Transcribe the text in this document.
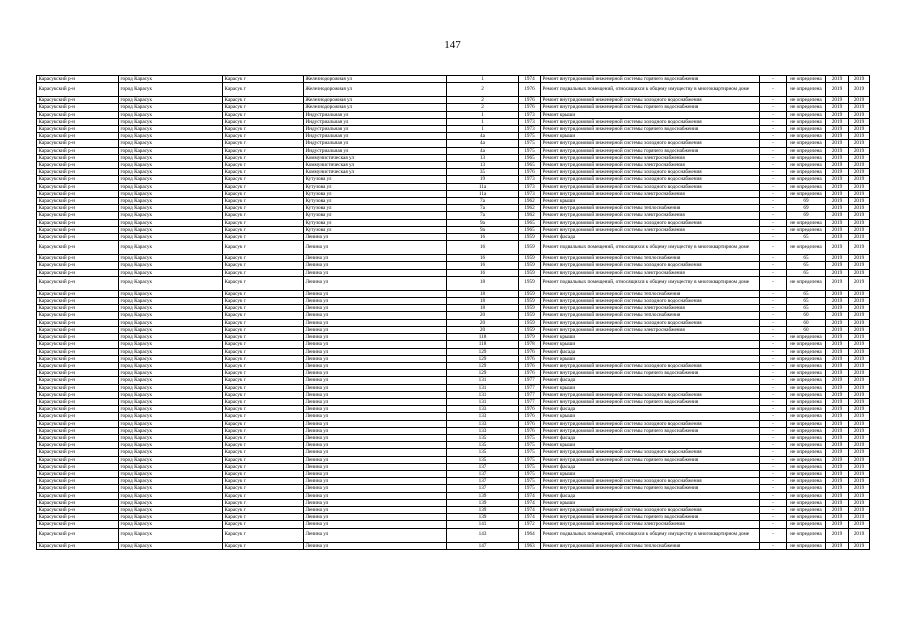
147
Карасукский р-н	город Карасук	Карасук г	Железнодорожная ул	1	1974	Ремонт внутридомовой инженерной системы горячего водоснабжения	-	не определена	2019	2019
Карасукский р-н	город Карасук	Карасук г	Железнодорожная ул	2	1976	Ремонт подвальных помещений, относящихся к общему имуществу в многоквартирном доме	-	не определена	2019	2019
Карасукский р-н	город Карасук	Карасук г	Железнодорожная ул	2	1976	Ремонт внутридомовой инженерной системы холодного водоснабжения	-	не определена	2019	2019
Карасукский р-н	город Карасук	Карасук г	Железнодорожная ул	2	1976	Ремонт внутридомовой инженерной системы горячего водоснабжения	-	не определена	2019	2019
Карасукский р-н	город Карасук	Карасук г	Индустриальная ул	1	1973	Ремонт крыши	-	не определена	2019	2019
Карасукский р-н	город Карасук	Карасук г	Индустриальная ул	1	1973	Ремонт внутридомовой инженерной системы холодного водоснабжения	-	не определена	2019	2019
Карасукский р-н	город Карасук	Карасук г	Индустриальная ул	1	1973	Ремонт внутридомовой инженерной системы горячего водоснабжения	-	не определена	2019	2019
Карасукский р-н	город Карасук	Карасук г	Индустриальная ул	4а	1975	Ремонт крыши	-	не определена	2019	2019
Карасукский р-н	город Карасук	Карасук г	Индустриальная ул	4а	1975	Ремонт внутридомовой инженерной системы холодного водоснабжения	-	не определена	2019	2019
Карасукский р-н	город Карасук	Карасук г	Индустриальная ул	4а	1975	Ремонт внутридомовой инженерной системы горячего водоснабжения	-	не определена	2019	2019
Карасукский р-н	город Карасук	Карасук г	Коммунистическая ул	13	1965	Ремонт внутридомовой инженерной системы электроснабжения	-	не определена	2019	2019
Карасукский р-н	город Карасук	Карасук г	Коммунистическая ул	13	1965	Ремонт внутридомовой инженерной системы электроснабжения	-	не определена	2019	2019
Карасукский р-н	город Карасук	Карасук г	Коммунистическая ул	35	1976	Ремонт внутридомовой инженерной системы холодного водоснабжения	-	не определена	2019	2019
Карасукский р-н	город Карасук	Карасук г	Кутузова ул	19	1973	Ремонт внутридомовой инженерной системы холодного водоснабжения	-	не определена	2019	2019
Карасукский р-н	город Карасук	Карасук г	Кутузова ул	11а	1973	Ремонт внутридомовой инженерной системы холодного водоснабжения	-	не определена	2019	2019
Карасукский р-н	город Карасук	Карасук г	Кутузова ул	11а	1973	Ремонт внутридомовой инженерной системы электроснабжения	-	не определена	2019	2019
Карасукский р-н	город Карасук	Карасук г	Кутузова ул	7а	1962	Ремонт крыши	-	69	2019	2019
Карасукский р-н	город Карасук	Карасук г	Кутузова ул	7а	1962	Ремонт внутридомовой инженерной системы теплоснабжения	-	69	2019	2019
Карасукский р-н	город Карасук	Карасук г	Кутузова ул	7а	1962	Ремонт внутридомовой инженерной системы электроснабжения	-	69	2019	2019
Карасукский р-н	город Карасук	Карасук г	Кутузова ул	9а	1965	Ремонт внутридомовой инженерной системы холодного водоснабжения	-	не определена	2019	2019
Карасукский р-н	город Карасук	Карасук г	Кутузова ул	9а	1965	Ремонт внутридомовой инженерной системы электроснабжения	-	не определена	2019	2019
Карасукский р-н	город Карасук	Карасук г	Ленина ул	16	1959	Ремонт фасада	-	65	2019	2019
Карасукский р-н	город Карасук	Карасук г	Ленина ул	16	1959	Ремонт подвальных помещений, относящихся к общему имуществу в многоквартирном доме	-	не определена	2019	2019
Карасукский р-н	город Карасук	Карасук г	Ленина ул	16	1959	Ремонт внутридомовой инженерной системы теплоснабжения	-	65	2019	2019
Карасукский р-н	город Карасук	Карасук г	Ленина ул	16	1959	Ремонт внутридомовой инженерной системы холодного водоснабжения	-	65	2019	2019
Карасукский р-н	город Карасук	Карасук г	Ленина ул	16	1959	Ремонт внутридомовой инженерной системы электроснабжения	-	65	2019	2019
Карасукский р-н	город Карасук	Карасук г	Ленина ул	18	1959	Ремонт подвальных помещений, относящихся к общему имуществу в многоквартирном доме	-	не определена	2019	2019
Карасукский р-н	город Карасук	Карасук г	Ленина ул	18	1959	Ремонт внутридомовой инженерной системы теплоснабжения	-	65	2019	2019
Карасукский р-н	город Карасук	Карасук г	Ленина ул	18	1959	Ремонт внутридомовой инженерной системы холодного водоснабжения	-	65	2019	2019
Карасукский р-н	город Карасук	Карасук г	Ленина ул	18	1959	Ремонт внутридомовой инженерной системы электроснабжения	-	65	2019	2019
Карасукский р-н	город Карасук	Карасук г	Ленина ул	20	1959	Ремонт внутридомовой инженерной системы теплоснабжения	-	60	2019	2019
Карасукский р-н	город Карасук	Карасук г	Ленина ул	20	1959	Ремонт внутридомовой инженерной системы холодного водоснабжения	-	60	2019	2019
Карасукский р-н	город Карасук	Карасук г	Ленина ул	20	1959	Ремонт внутридомовой инженерной системы электроснабжения	-	60	2019	2019
Карасукский р-н	город Карасук	Карасук г	Ленина ул	118	1979	Ремонт крыши	-	не определена	2019	2019
Карасукский р-н	город Карасук	Карасук г	Ленина ул	118	1978	Ремонт крыши	-	не определена	2019	2019
Карасукский р-н	город Карасук	Карасук г	Ленина ул	129	1976	Ремонт фасада	-	не определена	2019	2019
Карасукский р-н	город Карасук	Карасук г	Ленина ул	129	1976	Ремонт крыши	-	не определена	2019	2019
Карасукский р-н	город Карасук	Карасук г	Ленина ул	129	1976	Ремонт внутридомовой инженерной системы холодного водоснабжения	-	не определена	2019	2019
Карасукский р-н	город Карасук	Карасук г	Ленина ул	129	1976	Ремонт внутридомовой инженерной системы горячего водоснабжения	-	не определена	2019	2019
Карасукский р-н	город Карасук	Карасук г	Ленина ул	131	1977	Ремонт фасада	-	не определена	2019	2019
Карасукский р-н	город Карасук	Карасук г	Ленина ул	131	1977	Ремонт крыши	-	не определена	2019	2019
Карасукский р-н	город Карасук	Карасук г	Ленина ул	131	1977	Ремонт внутридомовой инженерной системы холодного водоснабжения	-	не определена	2019	2019
Карасукский р-н	город Карасук	Карасук г	Ленина ул	131	1977	Ремонт внутридомовой инженерной системы горячего водоснабжения	-	не определена	2019	2019
Карасукский р-н	город Карасук	Карасук г	Ленина ул	133	1976	Ремонт фасада	-	не определена	2019	2019
Карасукский р-н	город Карасук	Карасук г	Ленина ул	133	1976	Ремонт крыши	-	не определена	2019	2019
Карасукский р-н	город Карасук	Карасук г	Ленина ул	133	1976	Ремонт внутридомовой инженерной системы холодного водоснабжения	-	не определена	2019	2019
Карасукский р-н	город Карасук	Карасук г	Ленина ул	133	1976	Ремонт внутридомовой инженерной системы горячего водоснабжения	-	не определена	2019	2019
Карасукский р-н	город Карасук	Карасук г	Ленина ул	135	1975	Ремонт фасада	-	не определена	2019	2019
Карасукский р-н	город Карасук	Карасук г	Ленина ул	135	1975	Ремонт крыши	-	не определена	2019	2019
Карасукский р-н	город Карасук	Карасук г	Ленина ул	135	1975	Ремонт внутридомовой инженерной системы холодного водоснабжения	-	не определена	2019	2019
Карасукский р-н	город Карасук	Карасук г	Ленина ул	135	1975	Ремонт внутридомовой инженерной системы горячего водоснабжения	-	не определена	2019	2019
Карасукский р-н	город Карасук	Карасук г	Ленина ул	137	1975	Ремонт фасада	-	не определена	2019	2019
Карасукский р-н	город Карасук	Карасук г	Ленина ул	137	1975	Ремонт крыши	-	не определена	2019	2019
Карасукский р-н	город Карасук	Карасук г	Ленина ул	137	1975	Ремонт внутридомовой инженерной системы холодного водоснабжения	-	не определена	2019	2019
Карасукский р-н	город Карасук	Карасук г	Ленина ул	137	1975	Ремонт внутридомовой инженерной системы горячего водоснабжения	-	не определена	2019	2019
Карасукский р-н	город Карасук	Карасук г	Ленина ул	139	1974	Ремонт фасада	-	не определена	2019	2019
Карасукский р-н	город Карасук	Карасук г	Ленина ул	139	1974	Ремонт крыши	-	не определена	2019	2019
Карасукский р-н	город Карасук	Карасук г	Ленина ул	139	1974	Ремонт внутридомовой инженерной системы холодного водоснабжения	-	не определена	2019	2019
Карасукский р-н	город Карасук	Карасук г	Ленина ул	139	1974	Ремонт внутридомовой инженерной системы горячего водоснабжения	-	не определена	2019	2019
Карасукский р-н	город Карасук	Карасук г	Ленина ул	141	1972	Ремонт внутридомовой инженерной системы электроснабжения	-	не определена	2019	2019
Карасукский р-н	город Карасук	Карасук г	Ленина ул	143	1964	Ремонт подвальных помещений, относящихся к общему имуществу в многоквартирном доме	-	не определена	2019	2019
Карасукский р-н	город Карасук	Карасук г	Ленина ул	147	1963	Ремонт внутридомовой инженерной системы теплоснабжения	-	не определена	2019	2019
